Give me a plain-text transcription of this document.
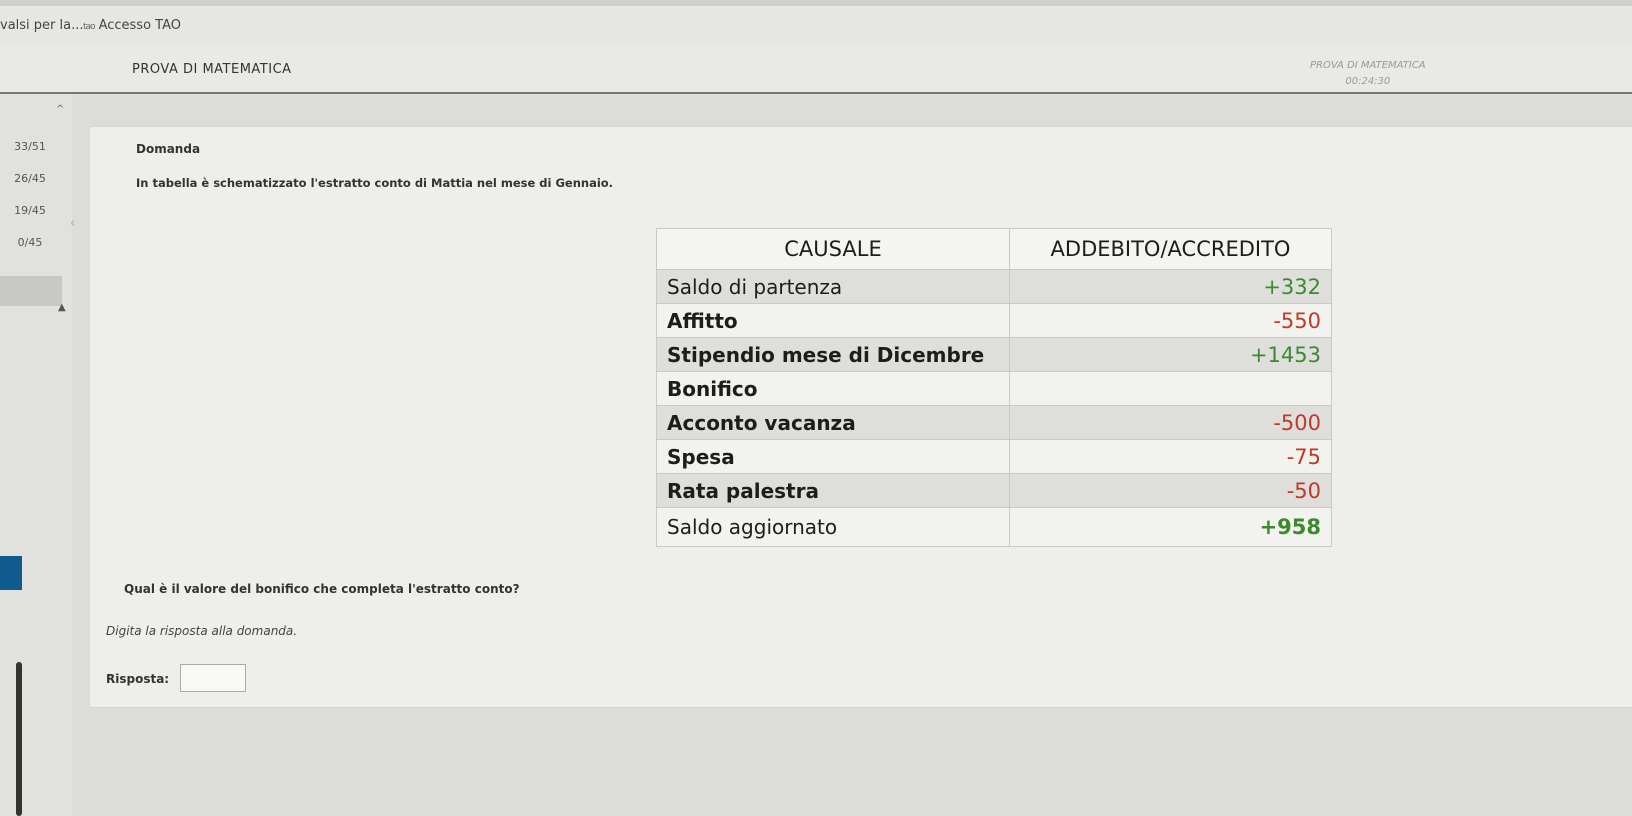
valsi per la... tao Accesso TAO
PROVA DI MATEMATICA	PROVA DI MATEMATICA
00:24:30
^
33/51
26/45
19/45
0/45
▲
‹
Domanda
In tabella è schematizzato l'estratto conto di Mattia nel mese di Gennaio.
CAUSALE	ADDEBITO/ACCREDITO
Saldo di partenza	+332
Affitto	-550
Stipendio mese di Dicembre	+1453
Bonifico	
Acconto vacanza	-500
Spesa	-75
Rata palestra	-50
Saldo aggiornato	+958
Qual è il valore del bonifico che completa l'estratto conto?
Digita la risposta alla domanda.
Risposta:
